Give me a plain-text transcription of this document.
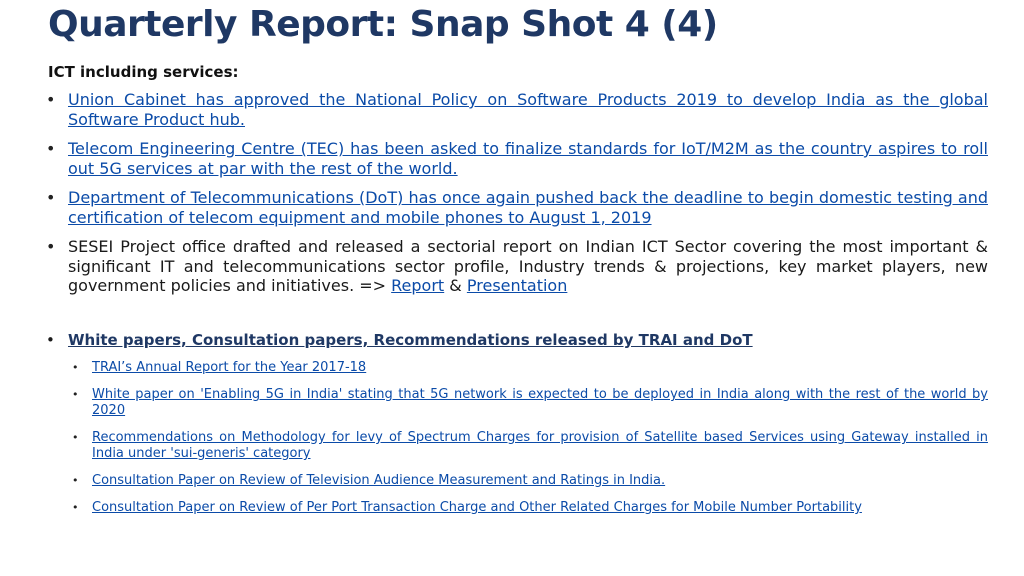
Quarterly Report: Snap Shot 4 (4)
ICT including services:
• Union Cabinet has approved the National Policy on Software Products 2019 to develop India as the global Software Product hub.
• Telecom Engineering Centre (TEC) has been asked to finalize standards for IoT/M2M as the country aspires to roll out 5G services at par with the rest of the world.
• Department of Telecommunications (DoT) has once again pushed back the deadline to begin domestic testing and certification of telecom equipment and mobile phones to August 1, 2019
• SESEI Project office drafted and released a sectorial report on Indian ICT Sector covering the most important & significant IT and telecommunications sector profile, Industry trends & projections, key market players, new government policies and initiatives. => Report & Presentation
• White papers, Consultation papers, Recommendations released by TRAI and DoT
• TRAI’s Annual Report for the Year 2017-18
• White paper on 'Enabling 5G in India' stating that 5G network is expected to be deployed in India along with the rest of the world by 2020
• Recommendations on Methodology for levy of Spectrum Charges for provision of Satellite based Services using Gateway installed in India under 'sui-generis' category
• Consultation Paper on Review of Television Audience Measurement and Ratings in India.
• Consultation Paper on Review of Per Port Transaction Charge and Other Related Charges for Mobile Number Portability
